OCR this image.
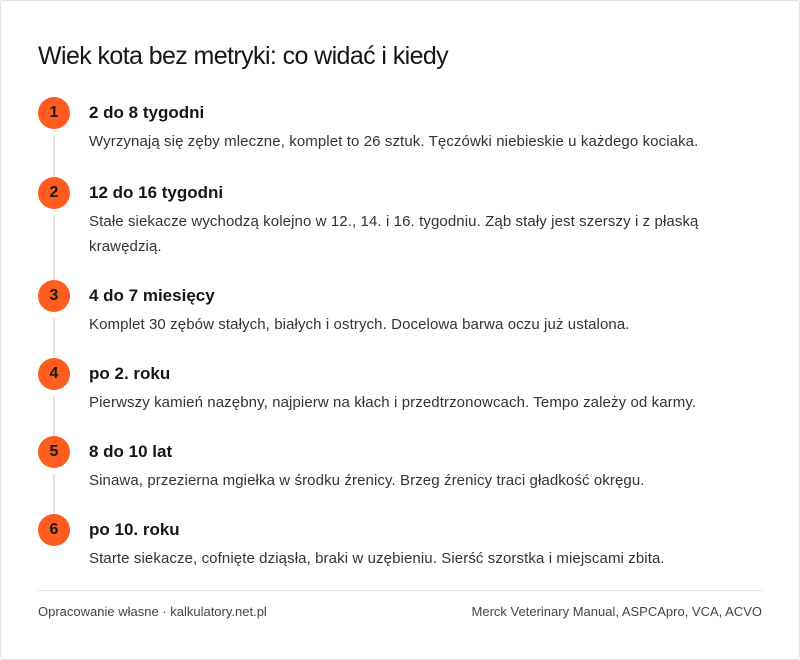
Wiek kota bez metryki: co widać i kiedy
1	2 do 8 tygodni
Wyrzynają się zęby mleczne, komplet to 26 sztuk. Tęczówki niebieskie u każdego kociaka.
2	12 do 16 tygodni
Stałe siekacze wychodzą kolejno w 12., 14. i 16. tygodniu. Ząb stały jest szerszy i z płaską krawędzią.
3	4 do 7 miesięcy
Komplet 30 zębów stałych, białych i ostrych. Docelowa barwa oczu już ustalona.
4	po 2. roku
Pierwszy kamień nazębny, najpierw na kłach i przedtrzonowcach. Tempo zależy od karmy.
5	8 do 10 lat
Sinawa, przezierna mgiełka w środku źrenicy. Brzeg źrenicy traci gładkość okręgu.
6	po 10. roku
Starte siekacze, cofnięte dziąsła, braki w uzębieniu. Sierść szorstka i miejscami zbita.
Opracowanie własne · kalkulatory.net.pl	Merck Veterinary Manual, ASPCApro, VCA, ACVO
